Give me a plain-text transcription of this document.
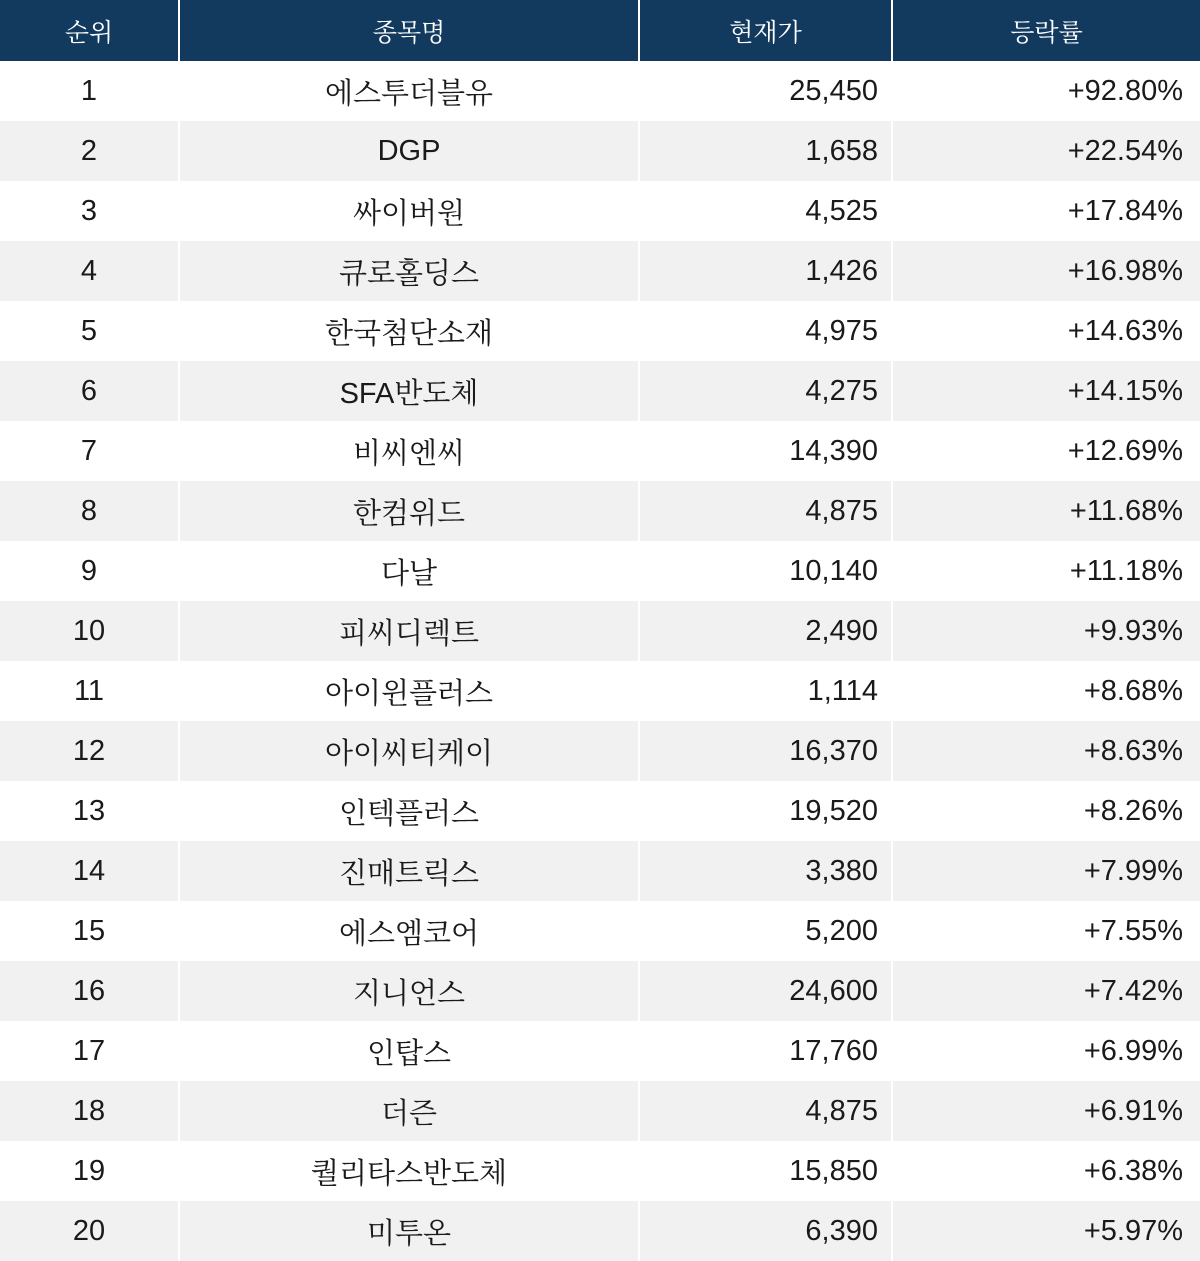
순위	종목명	현재가	등락률
1	에스투더블유	25,450	+92.80%
2	DGP	1,658	+22.54%
3	싸이버원	4,525	+17.84%
4	큐로홀딩스	1,426	+16.98%
5	한국첨단소재	4,975	+14.63%
6	SFA반도체	4,275	+14.15%
7	비씨엔씨	14,390	+12.69%
8	한컴위드	4,875	+11.68%
9	다날	10,140	+11.18%
10	피씨디렉트	2,490	+9.93%
11	아이윈플러스	1,114	+8.68%
12	아이씨티케이	16,370	+8.63%
13	인텍플러스	19,520	+8.26%
14	진매트릭스	3,380	+7.99%
15	에스엠코어	5,200	+7.55%
16	지니언스	24,600	+7.42%
17	인탑스	17,760	+6.99%
18	더즌	4,875	+6.91%
19	퀄리타스반도체	15,850	+6.38%
20	미투온	6,390	+5.97%
